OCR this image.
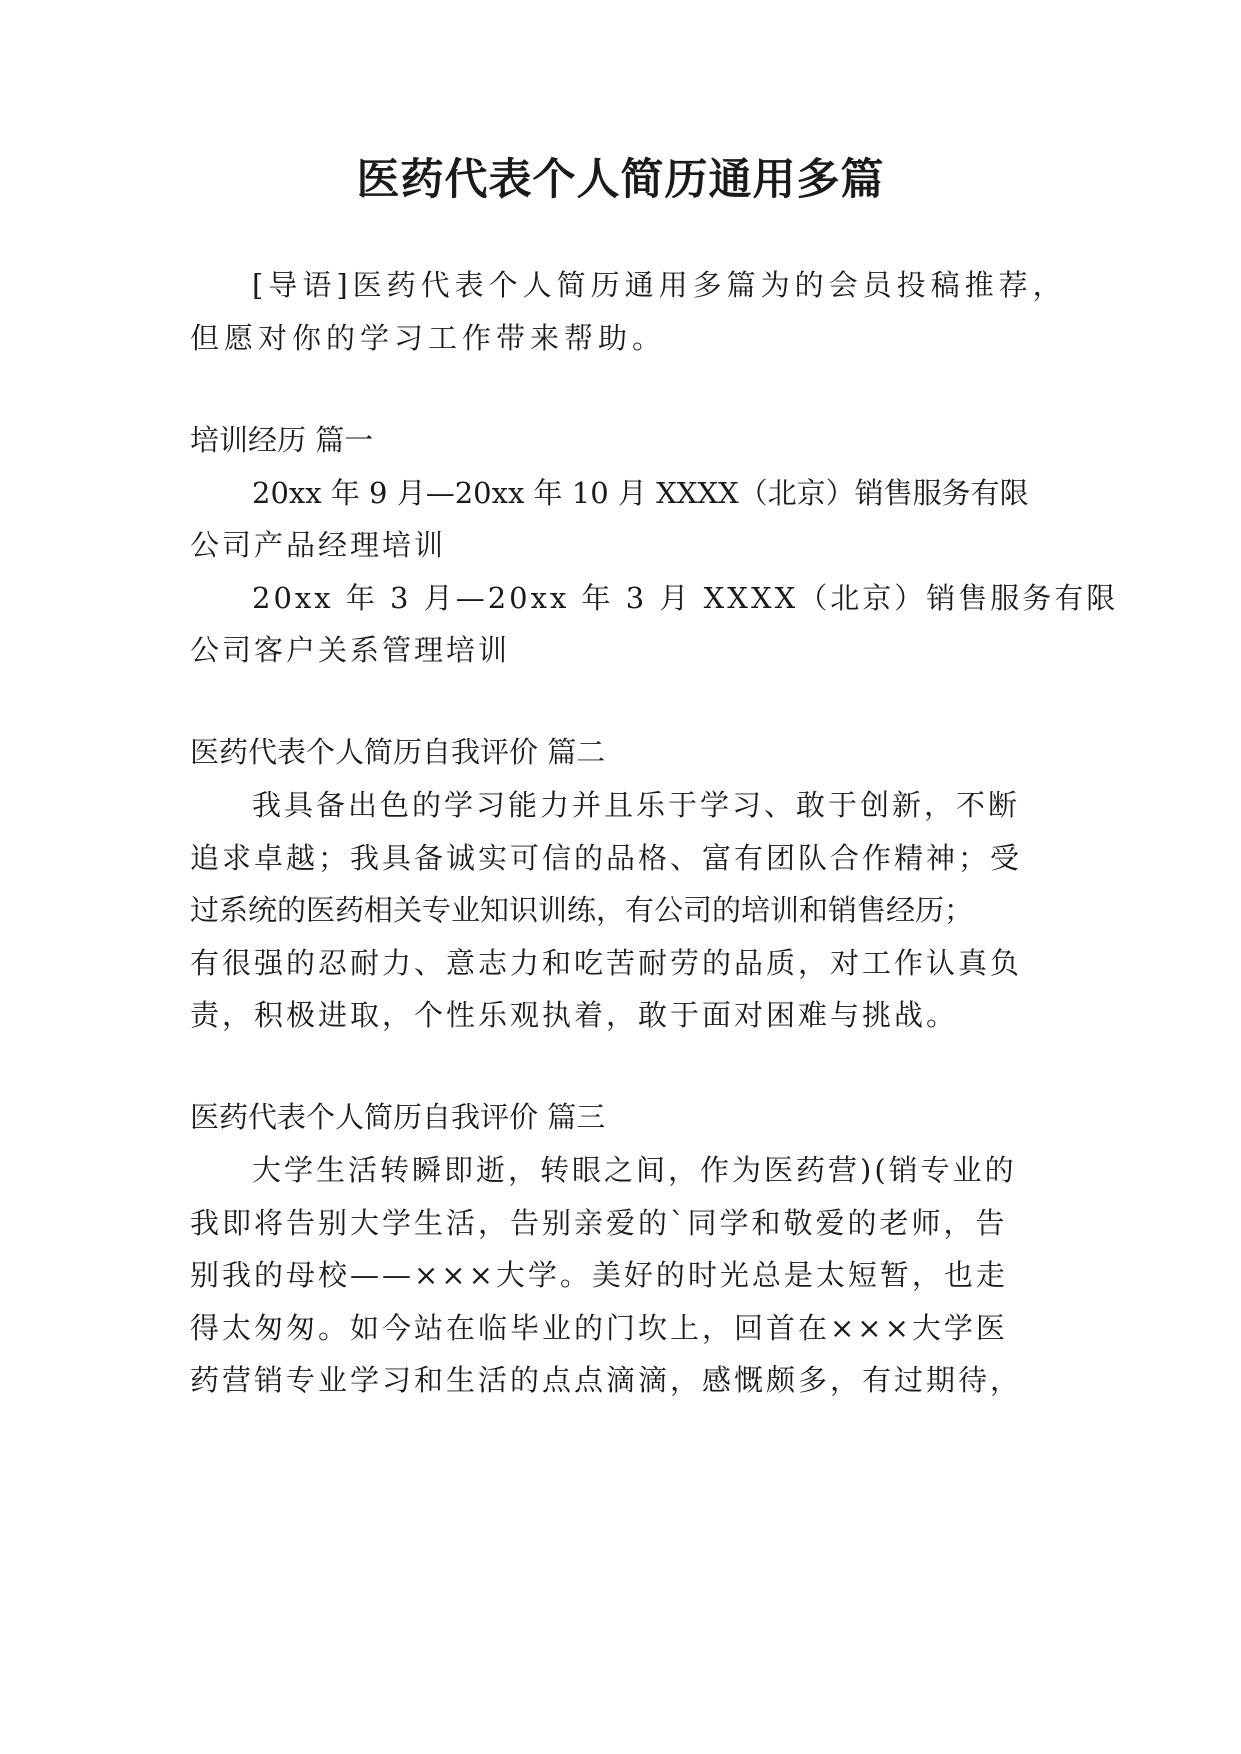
医药代表个人简历通用多篇

[导语]医药代表个人简历通用多篇为的会员投稿推荐，

但愿对你的学习工作带来帮助。

培训经历 篇一

20xx 年 9 月—20xx 年 10 月 XXXX（北京）销售服务有限

公司产品经理培训

20xx 年 3 月—20xx 年 3 月 XXXX（北京）销售服务有限

公司客户关系管理培训

医药代表个人简历自我评价 篇二

我具备出色的学习能力并且乐于学习、敢于创新，不断

追求卓越；我具备诚实可信的品格、富有团队合作精神；受

过系统的医药相关专业知识训练，有公司的培训和销售经历；

有很强的忍耐力、意志力和吃苦耐劳的品质，对工作认真负

责，积极进取，个性乐观执着，敢于面对困难与挑战。

医药代表个人简历自我评价 篇三

大学生活转瞬即逝，转眼之间，作为医药营)(销专业的

我即将告别大学生活，告别亲爱的`同学和敬爱的老师，告

别我的母校——×××大学。美好的时光总是太短暂，也走

得太匆匆。如今站在临毕业的门坎上，回首在×××大学医

药营销专业学习和生活的点点滴滴，感慨颇多，有过期待，
